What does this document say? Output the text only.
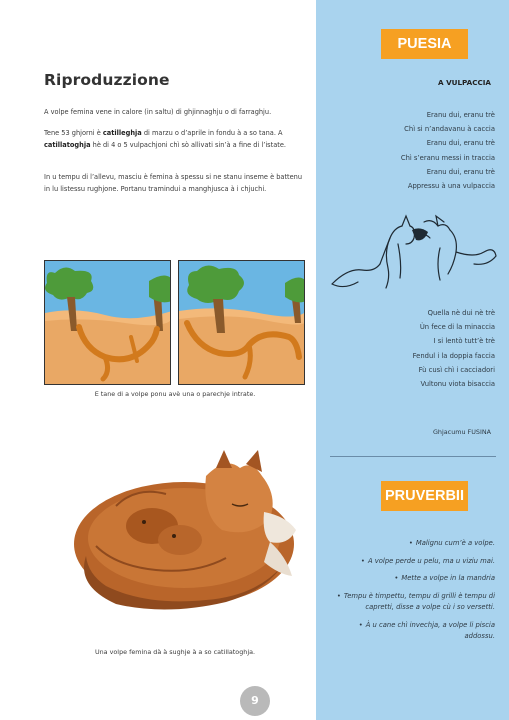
Riproduzzione

A volpe femina vene in calore (in saltu) di ghjinnaghju o di farraghju.

Tene 53 ghjorni è catilleghja di marzu o d’aprile in fondu à a so tana. A catillatoghja hè di 4 o 5 vulpachjoni chì sò allivati sin’à a fine di l’istate.

In u tempu di l’allevu, masciu è femina à spessu si ne stanu inseme è battenu in lu listessu rughjone. Portanu tramindui a manghjusca à i chjuchi.

E tane di a volpe ponu avè una o parechje intrate.
Una volpe femina dà à sughje à a so catillatoghja.
9
PUESIA
A VULPACCIA
Eranu dui, eranu trè
Chì si n’andavanu à caccia
Eranu dui, eranu trè
Chì s’eranu messi in traccia
Eranu dui, eranu trè
Appressu à una vulpaccia
Quella nè dui nè trè
Ùn fece di la minaccia
I si lentò tutt’è trè
Fendul i la doppia faccia
Fù cusì chì i cacciadori
Vultonu viota bisaccia
Ghjacumu FUSINA
PRUVERBII
• Malignu cum’è a volpe.
• A volpe perde u pelu, ma u viziu mai.
• Mette a volpe in la mandria
• Tempu è timpettu, tempu di grilli è tempu di capretti, disse a volpe cù i so versetti.
• À u cane chì invechja, a volpe li piscia addossu.
